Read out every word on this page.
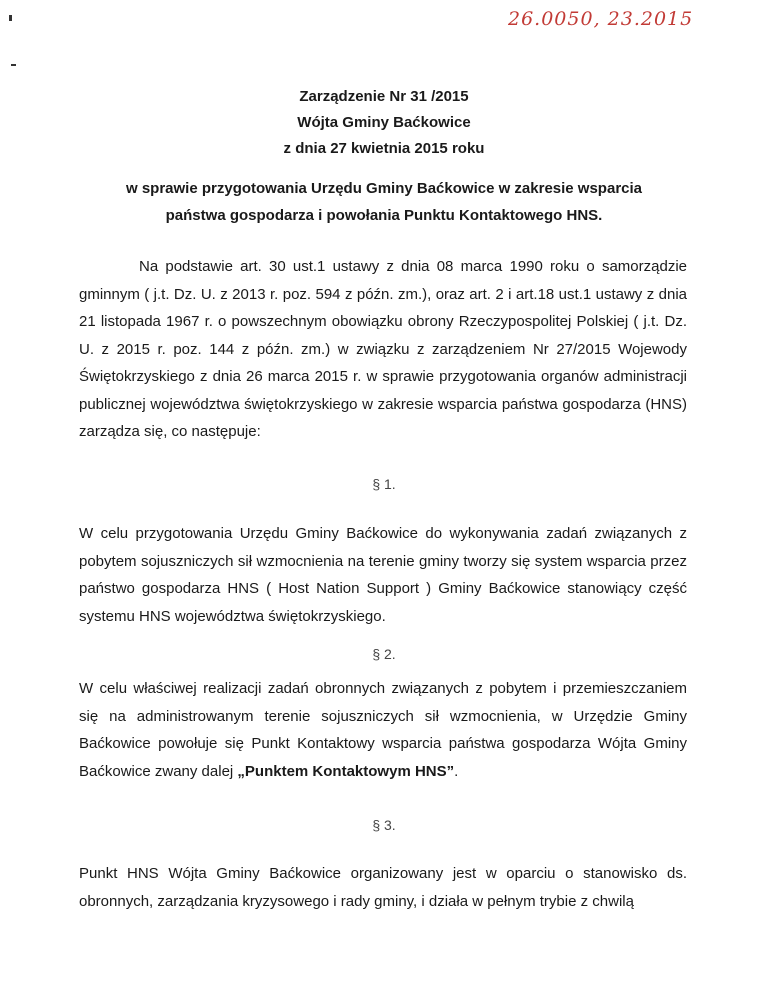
26.0050, 23.2015
Zarządzenie Nr 31 /2015
Wójta Gminy Baćkowice
z dnia 27 kwietnia 2015 roku
w sprawie przygotowania Urzędu Gminy Baćkowice w zakresie wsparcia
państwa gospodarza i powołania Punktu Kontaktowego HNS.
Na podstawie art. 30 ust.1 ustawy z dnia 08 marca 1990 roku o samorządzie gminnym ( j.t. Dz. U. z 2013 r. poz. 594 z późn. zm.), oraz art. 2 i art.18 ust.1 ustawy z dnia 21 listopada 1967 r. o powszechnym obowiązku obrony Rzeczypospolitej Polskiej ( j.t. Dz. U. z 2015 r. poz. 144 z późn. zm.) w związku z zarządzeniem Nr 27/2015 Wojewody Świętokrzyskiego z dnia 26 marca 2015 r. w sprawie przygotowania organów administracji publicznej województwa świętokrzyskiego w zakresie wsparcia państwa gospodarza (HNS) zarządza się, co następuje:
§ 1.
W celu przygotowania Urzędu Gminy Baćkowice do wykonywania zadań związanych z pobytem sojuszniczych sił wzmocnienia na terenie gminy tworzy się system wsparcia przez państwo gospodarza HNS ( Host Nation Support ) Gminy Baćkowice stanowiący część systemu HNS województwa świętokrzyskiego.
§ 2.
W celu właściwej realizacji zadań obronnych związanych z pobytem i przemieszczaniem się na administrowanym terenie sojuszniczych sił wzmocnienia, w Urzędzie Gminy Baćkowice powołuje się Punkt Kontaktowy wsparcia państwa gospodarza Wójta Gminy Baćkowice zwany dalej „Punktem Kontaktowym HNS”.
§ 3.
Punkt HNS Wójta Gminy Baćkowice organizowany jest w oparciu o stanowisko ds. obronnych, zarządzania kryzysowego i rady gminy, i działa w pełnym trybie z chwilą
